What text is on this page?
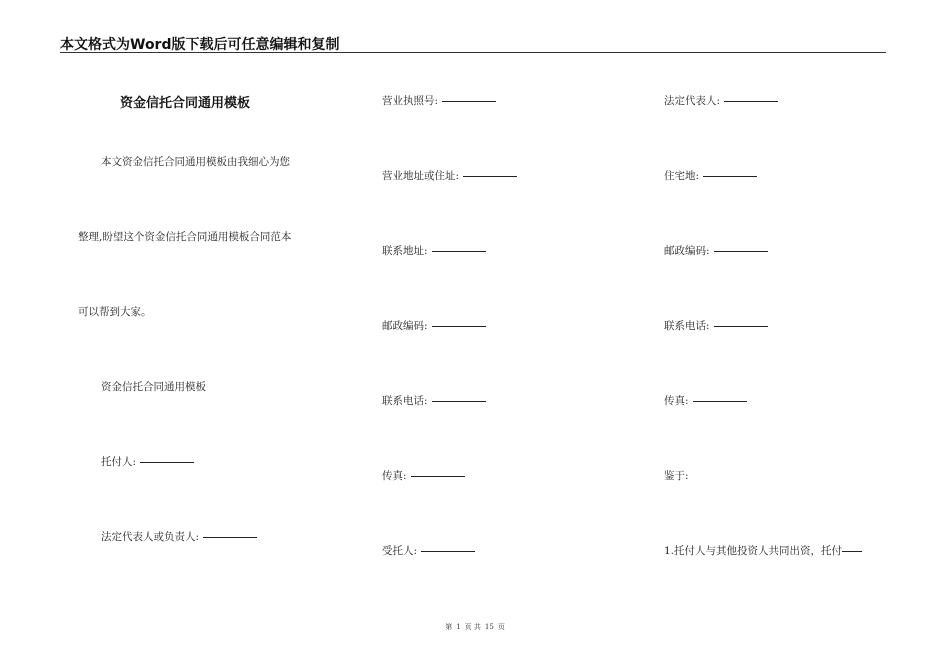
本文格式为Word版下载后可任意编辑和复制
资金信托合同通用模板
本文资金信托合同通用模板由我细心为您
整理,盼望这个资金信托合同通用模板合同范本
可以帮到大家。
资金信托合同通用模板
托付人:
法定代表人或负责人:
营业执照号:
营业地址或住址:
联系地址:
邮政编码:
联系电话:
传真:
受托人:
法定代表人:
住宅地:
邮政编码:
联系电话:
传真:
鉴于:
1.托付人与其他投资人共同出资，托付
第 1 页 共 15 页
